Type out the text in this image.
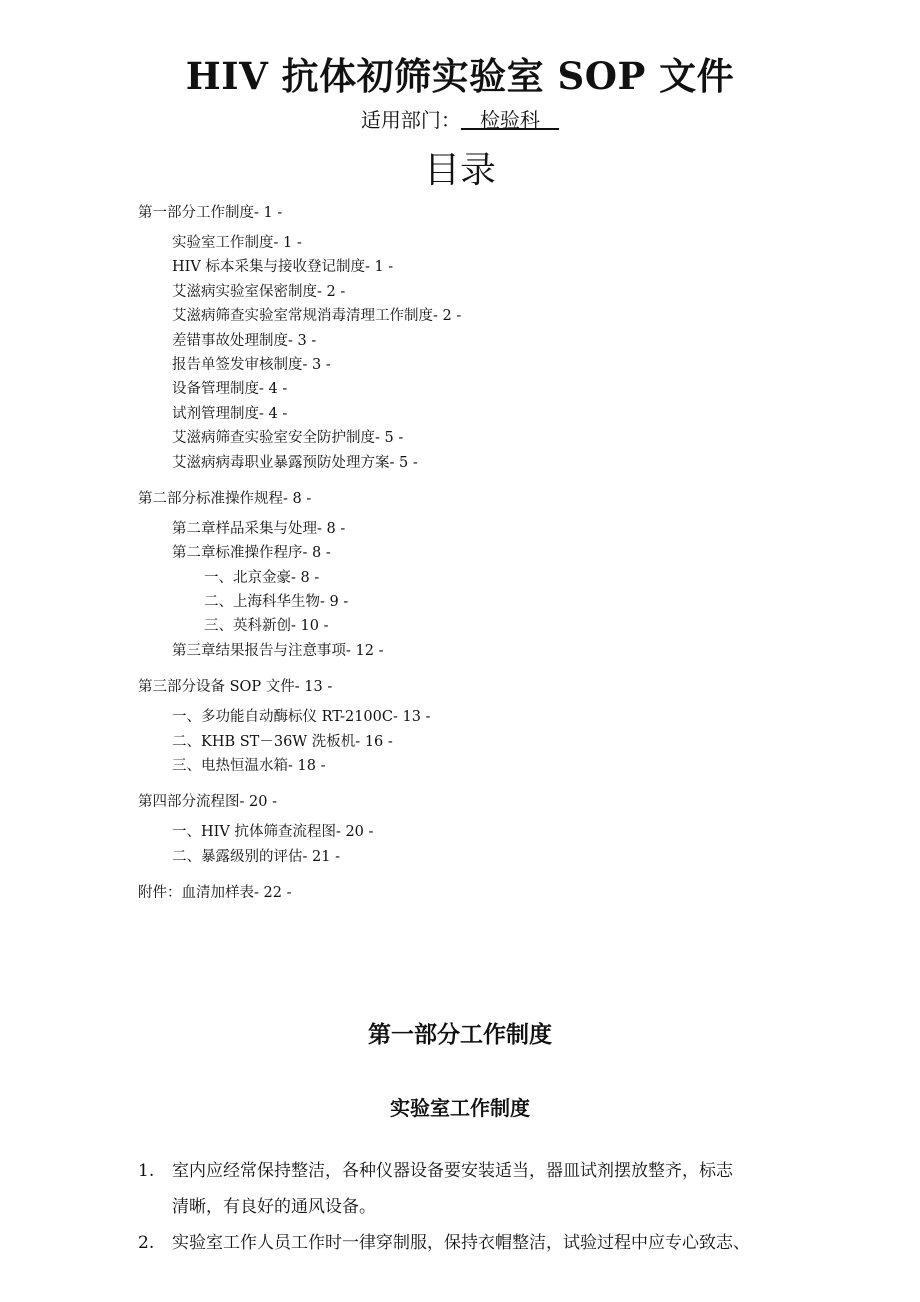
HIV 抗体初筛实验室 SOP 文件
适用部门：   检验科
目录
第一部分工作制度- 1 -
实验室工作制度- 1 -
HIV 标本采集与接收登记制度- 1 -
艾滋病实验室保密制度- 2 -
艾滋病筛查实验室常规消毒清理工作制度- 2 -
差错事故处理制度- 3 -
报告单签发审核制度- 3 -
设备管理制度- 4 -
试剂管理制度- 4 -
艾滋病筛查实验室安全防护制度- 5 -
艾滋病病毒职业暴露预防处理方案- 5 -
第二部分标准操作规程- 8 -
第二章样品采集与处理- 8 -
第二章标准操作程序- 8 -
一、北京金豪- 8 -
二、上海科华生物- 9 -
三、英科新创- 10 -
第三章结果报告与注意事项- 12 -
第三部分设备 SOP 文件- 13 -
一、多功能自动酶标仪 RT-2100C- 13 -
二、KHB ST－36W 洗板机- 16 -
三、电热恒温水箱- 18 -
第四部分流程图- 20 -
一、HIV 抗体筛查流程图- 20 -
二、暴露级别的评估- 21 -
附件：血清加样表- 22 -
第一部分工作制度
实验室工作制度
1. 室内应经常保持整洁，各种仪器设备要安装适当，器皿试剂摆放整齐，标志
清晰，有良好的通风设备。
2. 实验室工作人员工作时一律穿制服，保持衣帽整洁，试验过程中应专心致志、
